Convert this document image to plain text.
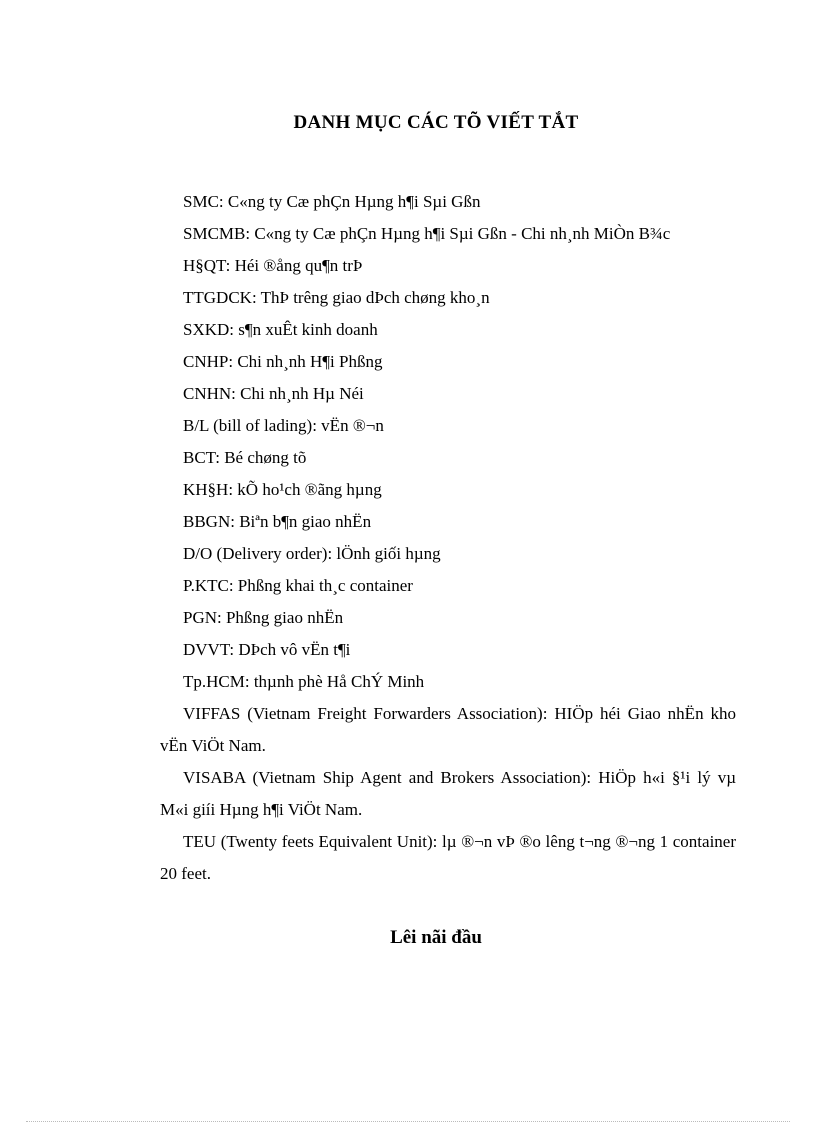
DANH MỤC CÁC TÕ VIẾT TẮT

SMC: C«ng ty Cæ phÇn Hµng h¶i Sµi Gßn

SMCMB: C«ng ty Cæ phÇn Hµng h¶i Sµi Gßn - Chi nh¸nh MiÒn B¾c

H§QT: Héi ®ång qu¶n trÞ

TTGDCK: ThÞ trêng giao dÞch chøng kho¸n

SXKD: s¶n xuÊt kinh doanh

CNHP: Chi nh¸nh H¶i Phßng

CNHN: Chi nh¸nh Hµ Néi

B/L (bill of lading): vËn ®¬n

BCT: Bé chøng tõ

KH§H: kÕ ho¹ch ®ãng hµng

BBGN: Biªn b¶n giao nhËn

D/O (Delivery order): lÖnh giối hµng

P.KTC: Phßng khai th¸c container

PGN: Phßng giao nhËn

DVVT: DÞch vô vËn t¶i

Tp.HCM: thµnh phè Hå ChÝ Minh

VIFFAS (Vietnam Freight Forwarders Association): HIÖp héi Giao nhËn kho vËn ViÖt Nam.

VISABA (Vietnam Ship Agent and Brokers Association): HiÖp h«i §¹i lý vµ M«i giíi Hµng h¶i ViÖt Nam.

TEU (Twenty feets Equivalent Unit): lµ ®¬n vÞ ®o lêng t¬ng ®¬ng 1 container 20 feet.

Lêi nãi đầu
